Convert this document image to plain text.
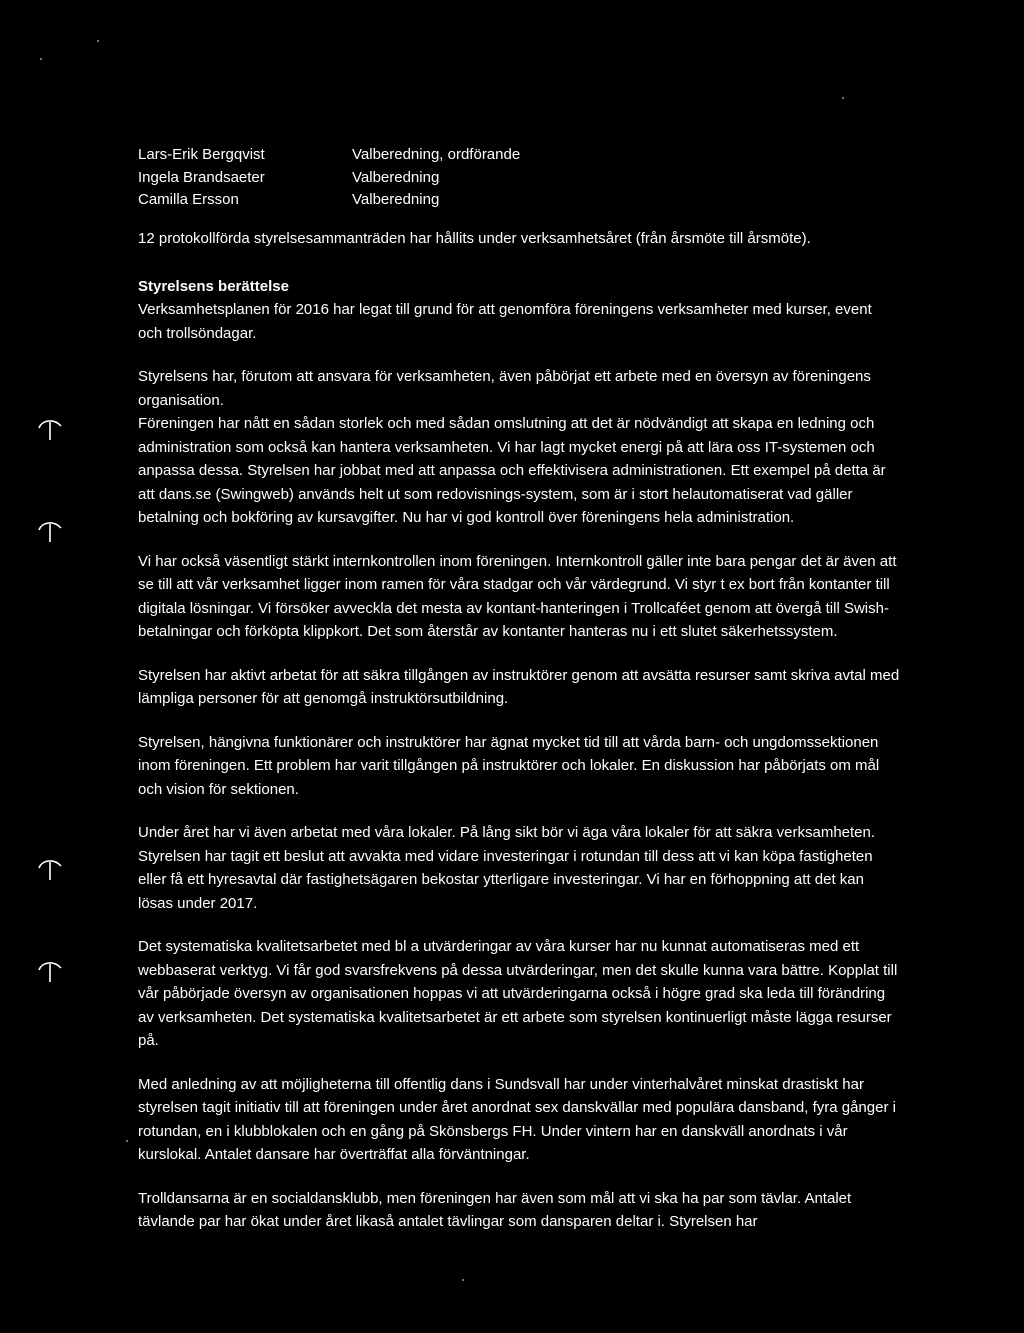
Lars-Erik Bergqvist	Valberedning, ordförande
Ingela Brandsaeter	Valberedning
Camilla Ersson	Valberedning

12 protokollförda styrelsesammanträden har hållits under verksamhetsåret (från årsmöte till årsmöte).

Styrelsens berättelse

Verksamhetsplanen för 2016 har legat till grund för att genomföra föreningens verksamheter med kurser, event och trollsöndagar.

Styrelsens har, förutom att ansvara för verksamheten, även påbörjat ett arbete med en översyn av föreningens organisation.

Föreningen har nått en sådan storlek och med sådan omslutning att det är nödvändigt att skapa en ledning och administration som också kan hantera verksamheten. Vi har lagt mycket energi på att lära oss IT-systemen och anpassa dessa. Styrelsen har jobbat med att anpassa och effektivisera administrationen. Ett exempel på detta är att dans.se (Swingweb) används helt ut som redovisnings-system, som är i stort helautomatiserat vad gäller betalning och bokföring av kursavgifter. Nu har vi god kontroll över föreningens hela administration.

Vi har också väsentligt stärkt internkontrollen inom föreningen. Internkontroll gäller inte bara pengar det är även att se till att vår verksamhet ligger inom ramen för våra stadgar och vår värdegrund. Vi styr t ex bort från kontanter till digitala lösningar. Vi försöker avveckla det mesta av kontant-hanteringen i Trollcaféet genom att övergå till Swish-betalningar och förköpta klippkort. Det som återstår av kontanter hanteras nu i ett slutet säkerhetssystem.

Styrelsen har aktivt arbetat för att säkra tillgången av instruktörer genom att avsätta resurser samt skriva avtal med lämpliga personer för att genomgå instruktörsutbildning.

Styrelsen, hängivna funktionärer och instruktörer har ägnat mycket tid till att vårda barn- och ungdomssektionen inom föreningen. Ett problem har varit tillgången på instruktörer och lokaler. En diskussion har påbörjats om mål och vision för sektionen.

Under året har vi även arbetat med våra lokaler. På lång sikt bör vi äga våra lokaler för att säkra verksamheten. Styrelsen har tagit ett beslut att avvakta med vidare investeringar i rotundan till dess att vi kan köpa fastigheten eller få ett hyresavtal där fastighetsägaren bekostar ytterligare investeringar. Vi har en förhoppning att det kan lösas under 2017.

Det systematiska kvalitetsarbetet med bl a utvärderingar av våra kurser har nu kunnat automatiseras med ett webbaserat verktyg. Vi får god svarsfrekvens på dessa utvärderingar, men det skulle kunna vara bättre. Kopplat till vår påbörjade översyn av organisationen hoppas vi att utvärderingarna också i högre grad ska leda till förändring av verksamheten. Det systematiska kvalitetsarbetet är ett arbete som styrelsen kontinuerligt måste lägga resurser på.

Med anledning av att möjligheterna till offentlig dans i Sundsvall har under vinterhalvåret minskat drastiskt har styrelsen tagit initiativ till att föreningen under året anordnat sex danskvällar med populära dansband, fyra gånger i rotundan, en i klubblokalen och en gång på Skönsbergs FH. Under vintern har en danskväll anordnats i vår kurslokal. Antalet dansare har överträffat alla förväntningar.

Trolldansarna är en socialdansklubb, men föreningen har även som mål att vi ska ha par som tävlar. Antalet tävlande par har ökat under året likaså antalet tävlingar som dansparen deltar i. Styrelsen har
